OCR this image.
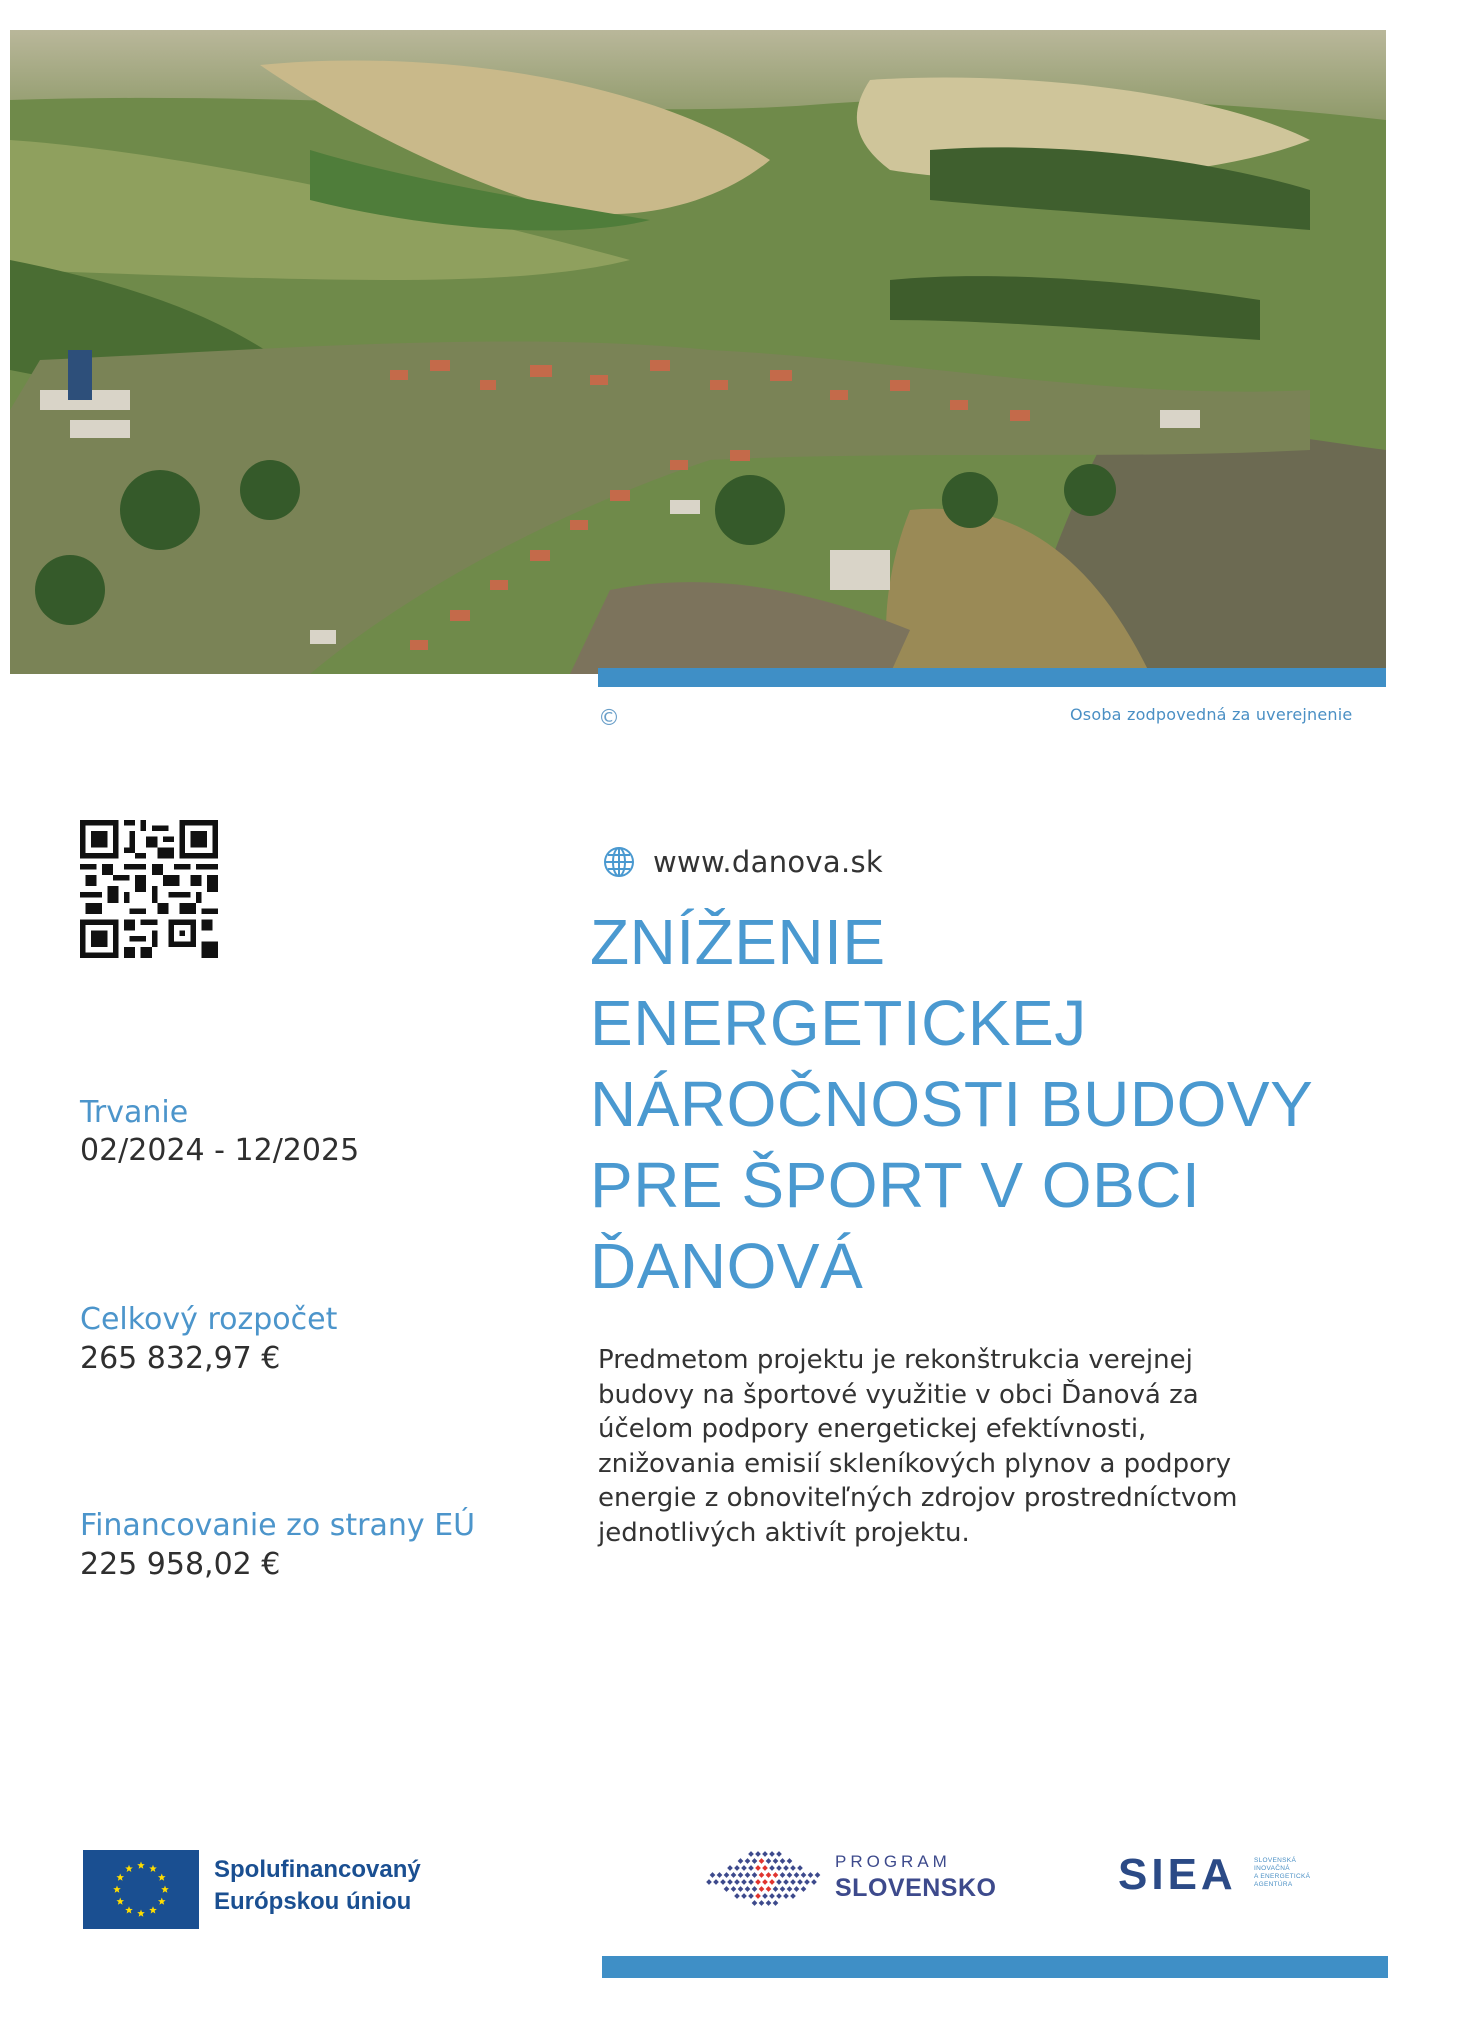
©	Osoba zodpovedná za uverejnenie
Trvanie
02/2024 - 12/2025
Celkový rozpočet
265 832,97 €
Financovanie zo strany EÚ
225 958,02 €
www.danova.sk
ZNÍŽENIE
ENERGETICKEJ
NÁROČNOSTI BUDOVY
PRE ŠPORT V OBCI
ĎANOVÁ

Predmetom projektu je rekonštrukcia verejnej
budovy na športové využitie v obci Ďanová za
účelom podpory energetickej efektívnosti,
znižovania emisií skleníkových plynov a podpory
energie z obnoviteľných zdrojov prostredníctvom
jednotlivých aktivít projektu.

Spolufinancovaný
Európskou úniou
PROGRAM
SLOVENSKO	SIEA	SLOVENSKÁ
INOVAČNÁ
A ENERGETICKÁ
AGENTÚRA
